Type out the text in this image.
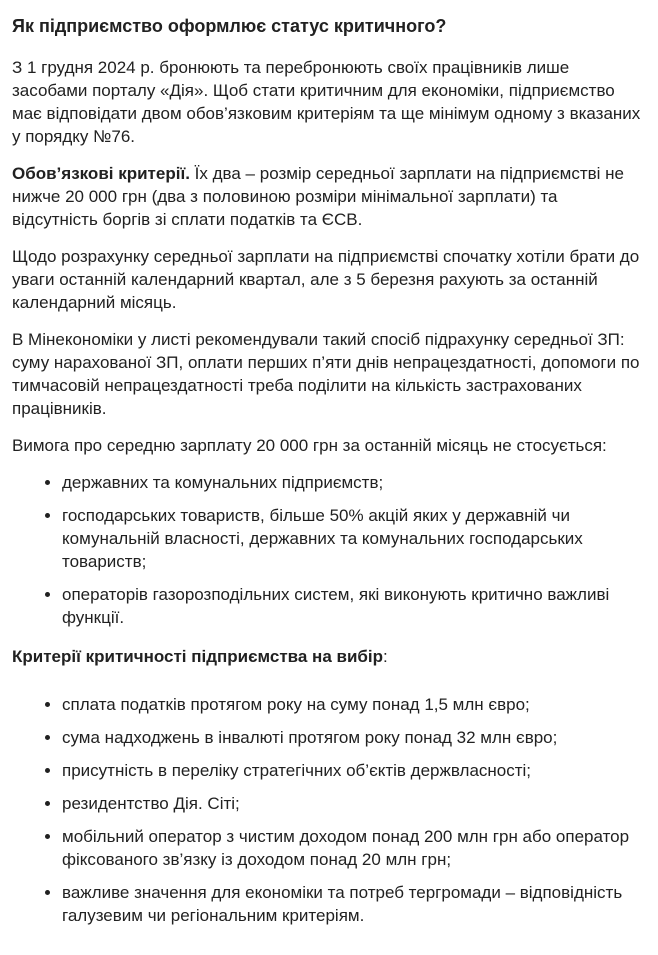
Як підприємство оформлює статус критичного?

З 1 грудня 2024 р. бронюють та перебронюють своїх працівників лише засобами порталу «Дія». Щоб стати критичним для економіки, підприємство має відповідати двом обов’язковим критеріям та ще мінімум одному з вказаних у порядку №76.

Обов’язкові критерії. Їх два – розмір середньої зарплати на підприємстві не нижче 20 000 грн (два з половиною розміри мінімальної зарплати) та відсутність боргів зі сплати податків та ЄСВ.

Щодо розрахунку середньої зарплати на підприємстві спочатку хотіли брати до уваги останній календарний квартал, але з 5 березня рахують за останній календарний місяць.

В Мінекономіки у листі рекомендували такий спосіб підрахунку середньої ЗП: суму нарахованої ЗП, оплати перших п’яти днів непрацездатності, допомоги по тимчасовій непрацездатності треба поділити на кількість застрахованих працівників.

Вимога про середню зарплату 20 000 грн за останній місяць не стосується:

• державних та комунальних підприємств;
• господарських товариств, більше 50% акцій яких у державній чи комунальній власності, державних та комунальних господарських товариств;
• операторів газорозподільних систем, які виконують критично важливі функції.
Критерії критичності підприємства на вибір:
• сплата податків протягом року на суму понад 1,5 млн євро;
• сума надходжень в інвалюті протягом року понад 32 млн євро;
• присутність в переліку стратегічних об’єктів держвласності;
• резидентство Дія. Сіті;
• мобільний оператор з чистим доходом понад 200 млн грн або оператор фіксованого зв’язку із доходом понад 20 млн грн;
• важливе значення для економіки та потреб тергромади – відповідність галузевим чи регіональним критеріям.
